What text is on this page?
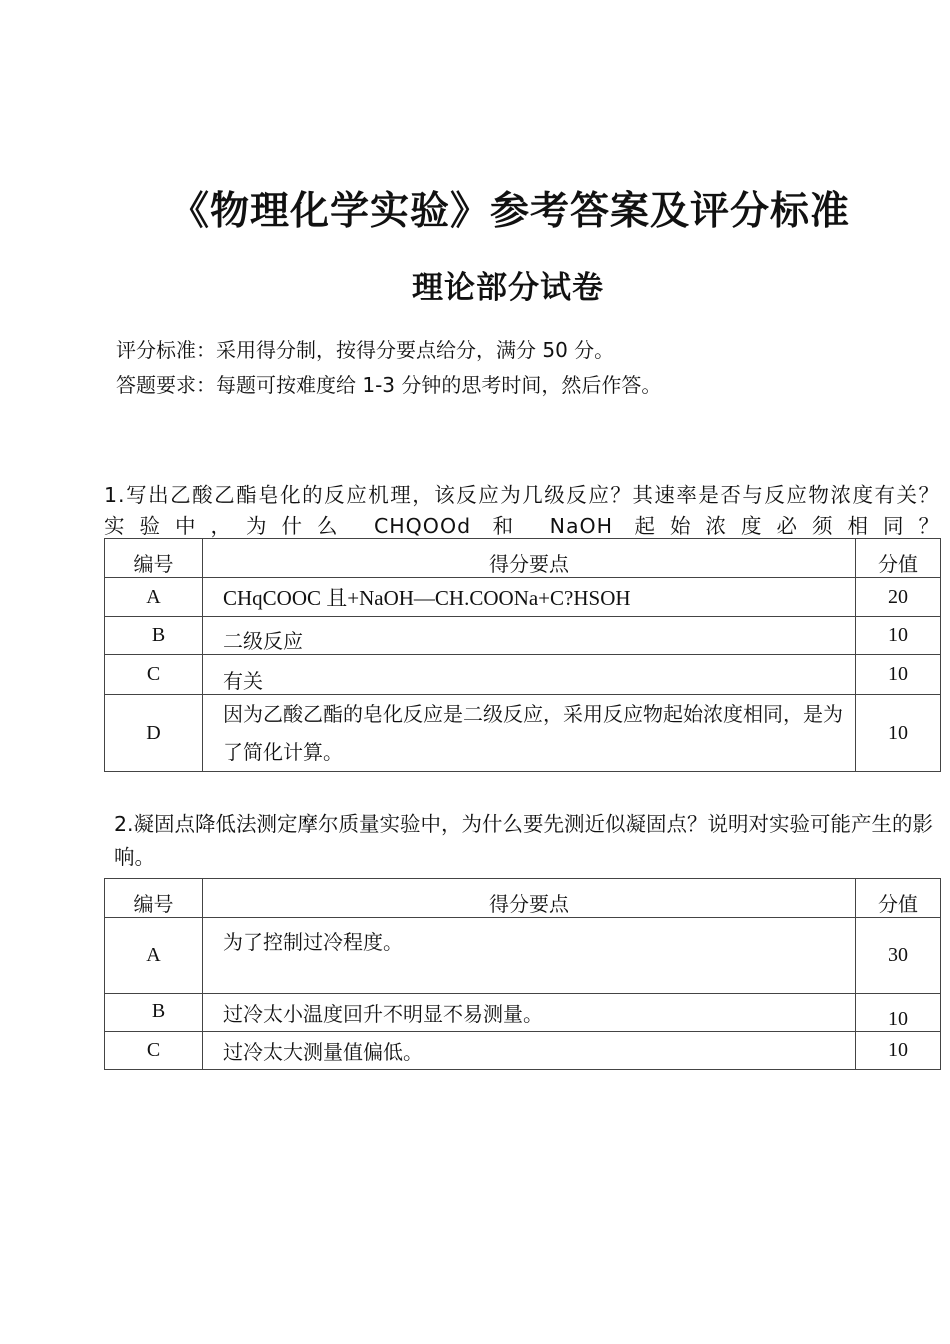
《物理化学实验》参考答案及评分标准
理论部分试卷
评分标准：采用得分制，按得分要点给分，满分 50 分。
答题要求：每题可按难度给 1-3 分钟的思考时间，然后作答。
1.写出乙酸乙酯皂化的反应机理，该反应为几级反应？其速率是否与反应物浓度有关？实验中，为什么 CHQOOd 和 NaOH 起始浓度必须相同？
编号	得分要点	分值
A	CHqCOOC 且+NaOH—CH.COONa+C?HSOH	20
B	二级反应	10
C	有关	10
D	因为乙酸乙酯的皂化反应是二级反应，采用反应物起始浓度相同，是为了简化计算。	10
2.凝固点降低法测定摩尔质量实验中，为什么要先测近似凝固点？说明对实验可能产生的影响。
编号	得分要点	分值
A	为了控制过冷程度。	30
B	过冷太小温度回升不明显不易测量。	10
C	过冷太大测量值偏低。	10
